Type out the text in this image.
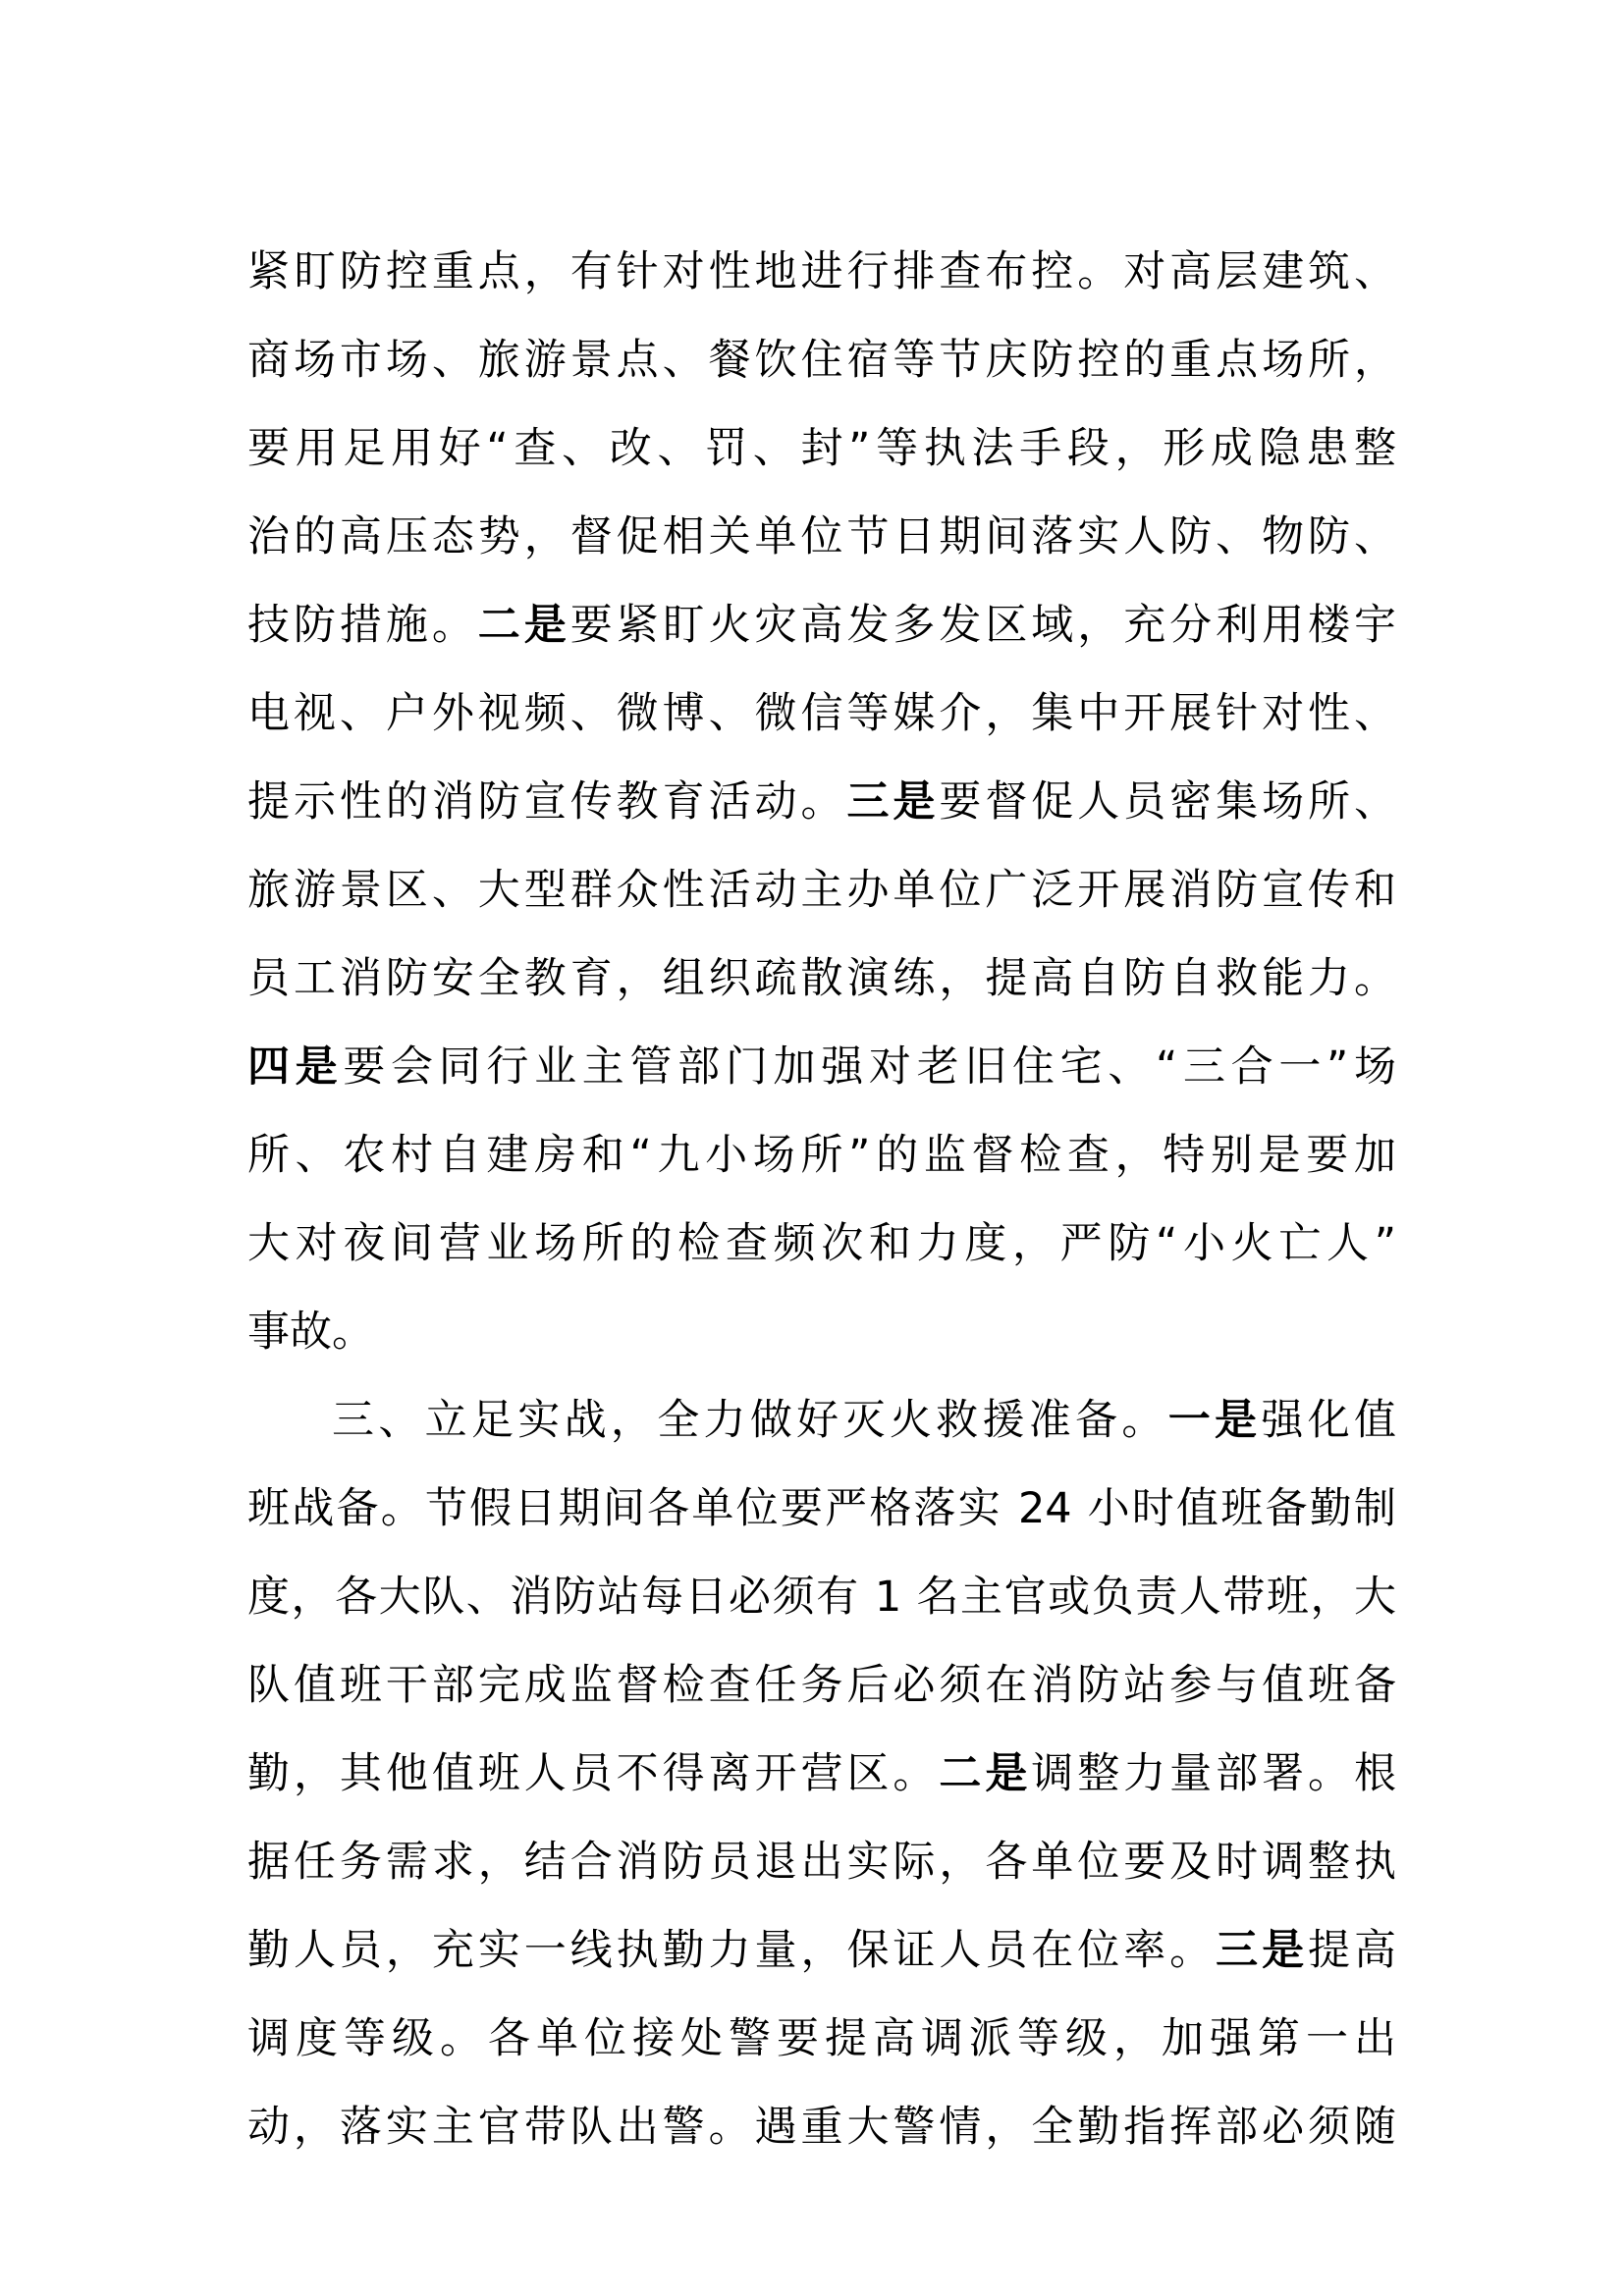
紧盯防控重点，有针对性地进行排查布控。对高层建筑、
商场市场、旅游景点、餐饮住宿等节庆防控的重点场所，
要用足用好“查、改、罚、封”等执法手段，形成隐患整
治的高压态势，督促相关单位节日期间落实人防、物防、
技防措施。二是要紧盯火灾高发多发区域，充分利用楼宇
电视、户外视频、微博、微信等媒介，集中开展针对性、
提示性的消防宣传教育活动。三是要督促人员密集场所、
旅游景区、大型群众性活动主办单位广泛开展消防宣传和
员工消防安全教育，组织疏散演练，提高自防自救能力。
四是要会同行业主管部门加强对老旧住宅、“三合一”场
所、农村自建房和“九小场所”的监督检查，特别是要加
大对夜间营业场所的检查频次和力度，严防“小火亡人”
事故。
三、立足实战，全力做好灭火救援准备。一是强化值
班战备。节假日期间各单位要严格落实 24 小时值班备勤制
度，各大队、消防站每日必须有 1 名主官或负责人带班，大
队值班干部完成监督检查任务后必须在消防站参与值班备
勤，其他值班人员不得离开营区。二是调整力量部署。根
据任务需求，结合消防员退出实际，各单位要及时调整执
勤人员，充实一线执勤力量，保证人员在位率。三是提高
调度等级。各单位接处警要提高调派等级，加强第一出
动，落实主官带队出警。遇重大警情，全勤指挥部必须随
